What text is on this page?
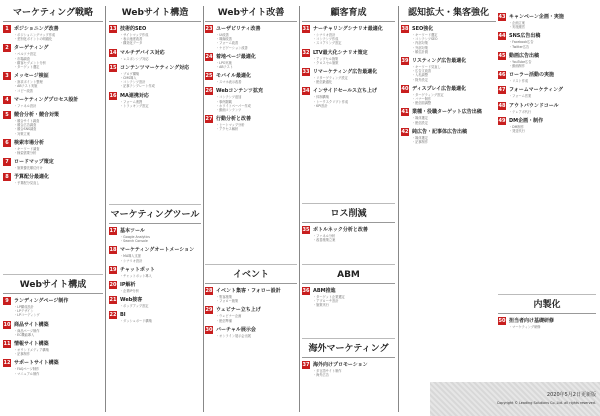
マーケティング戦略
1	ポジショニング改善
・ポジショニングマップ作成
・差別化ポイントの明確化
2	ターゲティング
・ペルソナ設定
・市場調査
・顧客セグメント分析
・ターゲット選定
3	メッセージ検証
・訴求ポイント整理
・ABテスト実施
・コピー改善
4	マーケティングプロセス設計
・ファネル設計
5	競合分析・競合対策
・競合サイト調査
・競合広告調査
・競合SNS調査
・対策立案
6	検索市場分析
・キーワード調査
・検索需要分析
7	ロードマップ策定
・施策優先順位付け
8	予算配分最適化
・予算配分見直し
Webサイト構成
9	ランディングページ制作
・LP構成設計
・LPデザイン
・LPコーディング
10 商品サイト構築
・商品ページ制作
・EC機能導入
11 情報サイト構築
・オウンドメディア構築
・記事制作
12 サポートサイト構築
・FAQページ制作
・マニュアル制作
Webサイト構造
13 技術的SEO
・サイトマップ作成
・表示速度改善
・構造化データ
14 マルチデバイス対応
・レスポンシブ対応
15 コンテンツマーケティング対応
・ブログ構築
・CMS導入
・コンテンツ設計
・記事テンプレート作成
16 MA連携対応
・フォーム連携
・トラッキング設定
マーケティングツール
17 基本ツール
・Google Analytics
・Search Console
18 マーケティングオートメーション
・MA導入支援
・シナリオ設計
19 チャットボット
・チャットボット導入
20 IP解析
・企業IP分析
21 Web接客
・ポップアップ設定
22 BI
・ダッシュボード構築
Webサイト改善
23 ユーザビリティ改善
・UI改善
・導線改善
・フォーム改善
・ナビゲーション改善
24 着地ページ最適化
・LPO実施
・ABテスト
25 モバイル最適化
・スマホ表示改善
26 Webコンテンツ拡充
・コンテンツ追加
・事例掲載
・ホワイトペーパー作成
・動画コンテンツ
27 行動分析と改善
・ヒートマップ分析
・アクセス解析
イベント
28 イベント集客・フォロー設計
・集客施策
・フォロー施策
29 ウェビナー立ち上げ
・ウェビナー企画
・配信準備
30 バーチャル展示会
・オンライン展示会出展
顧客育成
31 ナーチャリングシナリオ最適化
・シナリオ設計
・コンテンツ作成
・スコアリング設定
32 LTV最大化シナリオ策定
・アップセル施策
・クロスセル施策
33 リマーケティング広告最適化
・リターゲティング設定
・配信最適化
34 インサイドセールス立ち上げ
・体制構築
・トークスクリプト作成
・KPI設計
ロス削減
35 ボトルネック分析と改善
・ファネル分析
・改善施策立案
ABM
36 ABM推進
・ターゲット企業選定
・アプローチ設計
・施策実行
海外マーケティング
37 海外向けプロモーション
・多言語サイト制作
・海外広告
認知拡大・集客強化
38 SEO強化
・キーワード選定
・コンテンツSEO
・内部対策
・外部対策
・順位計測
39 リスティング広告最適化
・キーワード見直し
・広告文改善
・入札調整
・除外設定
40 ディスプレイ広告最適化
・ターゲティング設定
・バナー制作
・配信面調整
41 業種・役職ターゲット広告出稿
・媒体選定
・配信設定
42 純広告・記事体広告出稿
・媒体選定
・記事制作
43 キャンペーン企画・実施
・企画立案
・実施運営
44 SNS広告出稿
・Facebook広告
・Twitter広告
45 動画広告出稿
・YouTube広告
・動画制作
46 ローラー活動の実施
・リスト作成
47 フォームマーケティング
・フォーム営業
48 アウトバウンドコール
・テレアポ代行
49 DM企画・制作
・DM制作
・発送代行
内製化
50 担当者向け基礎研修
・マーケティング研修
2020年5月2日更新版
Copyright © Leading Solutions Co.,Ltd. all rights reserved.
